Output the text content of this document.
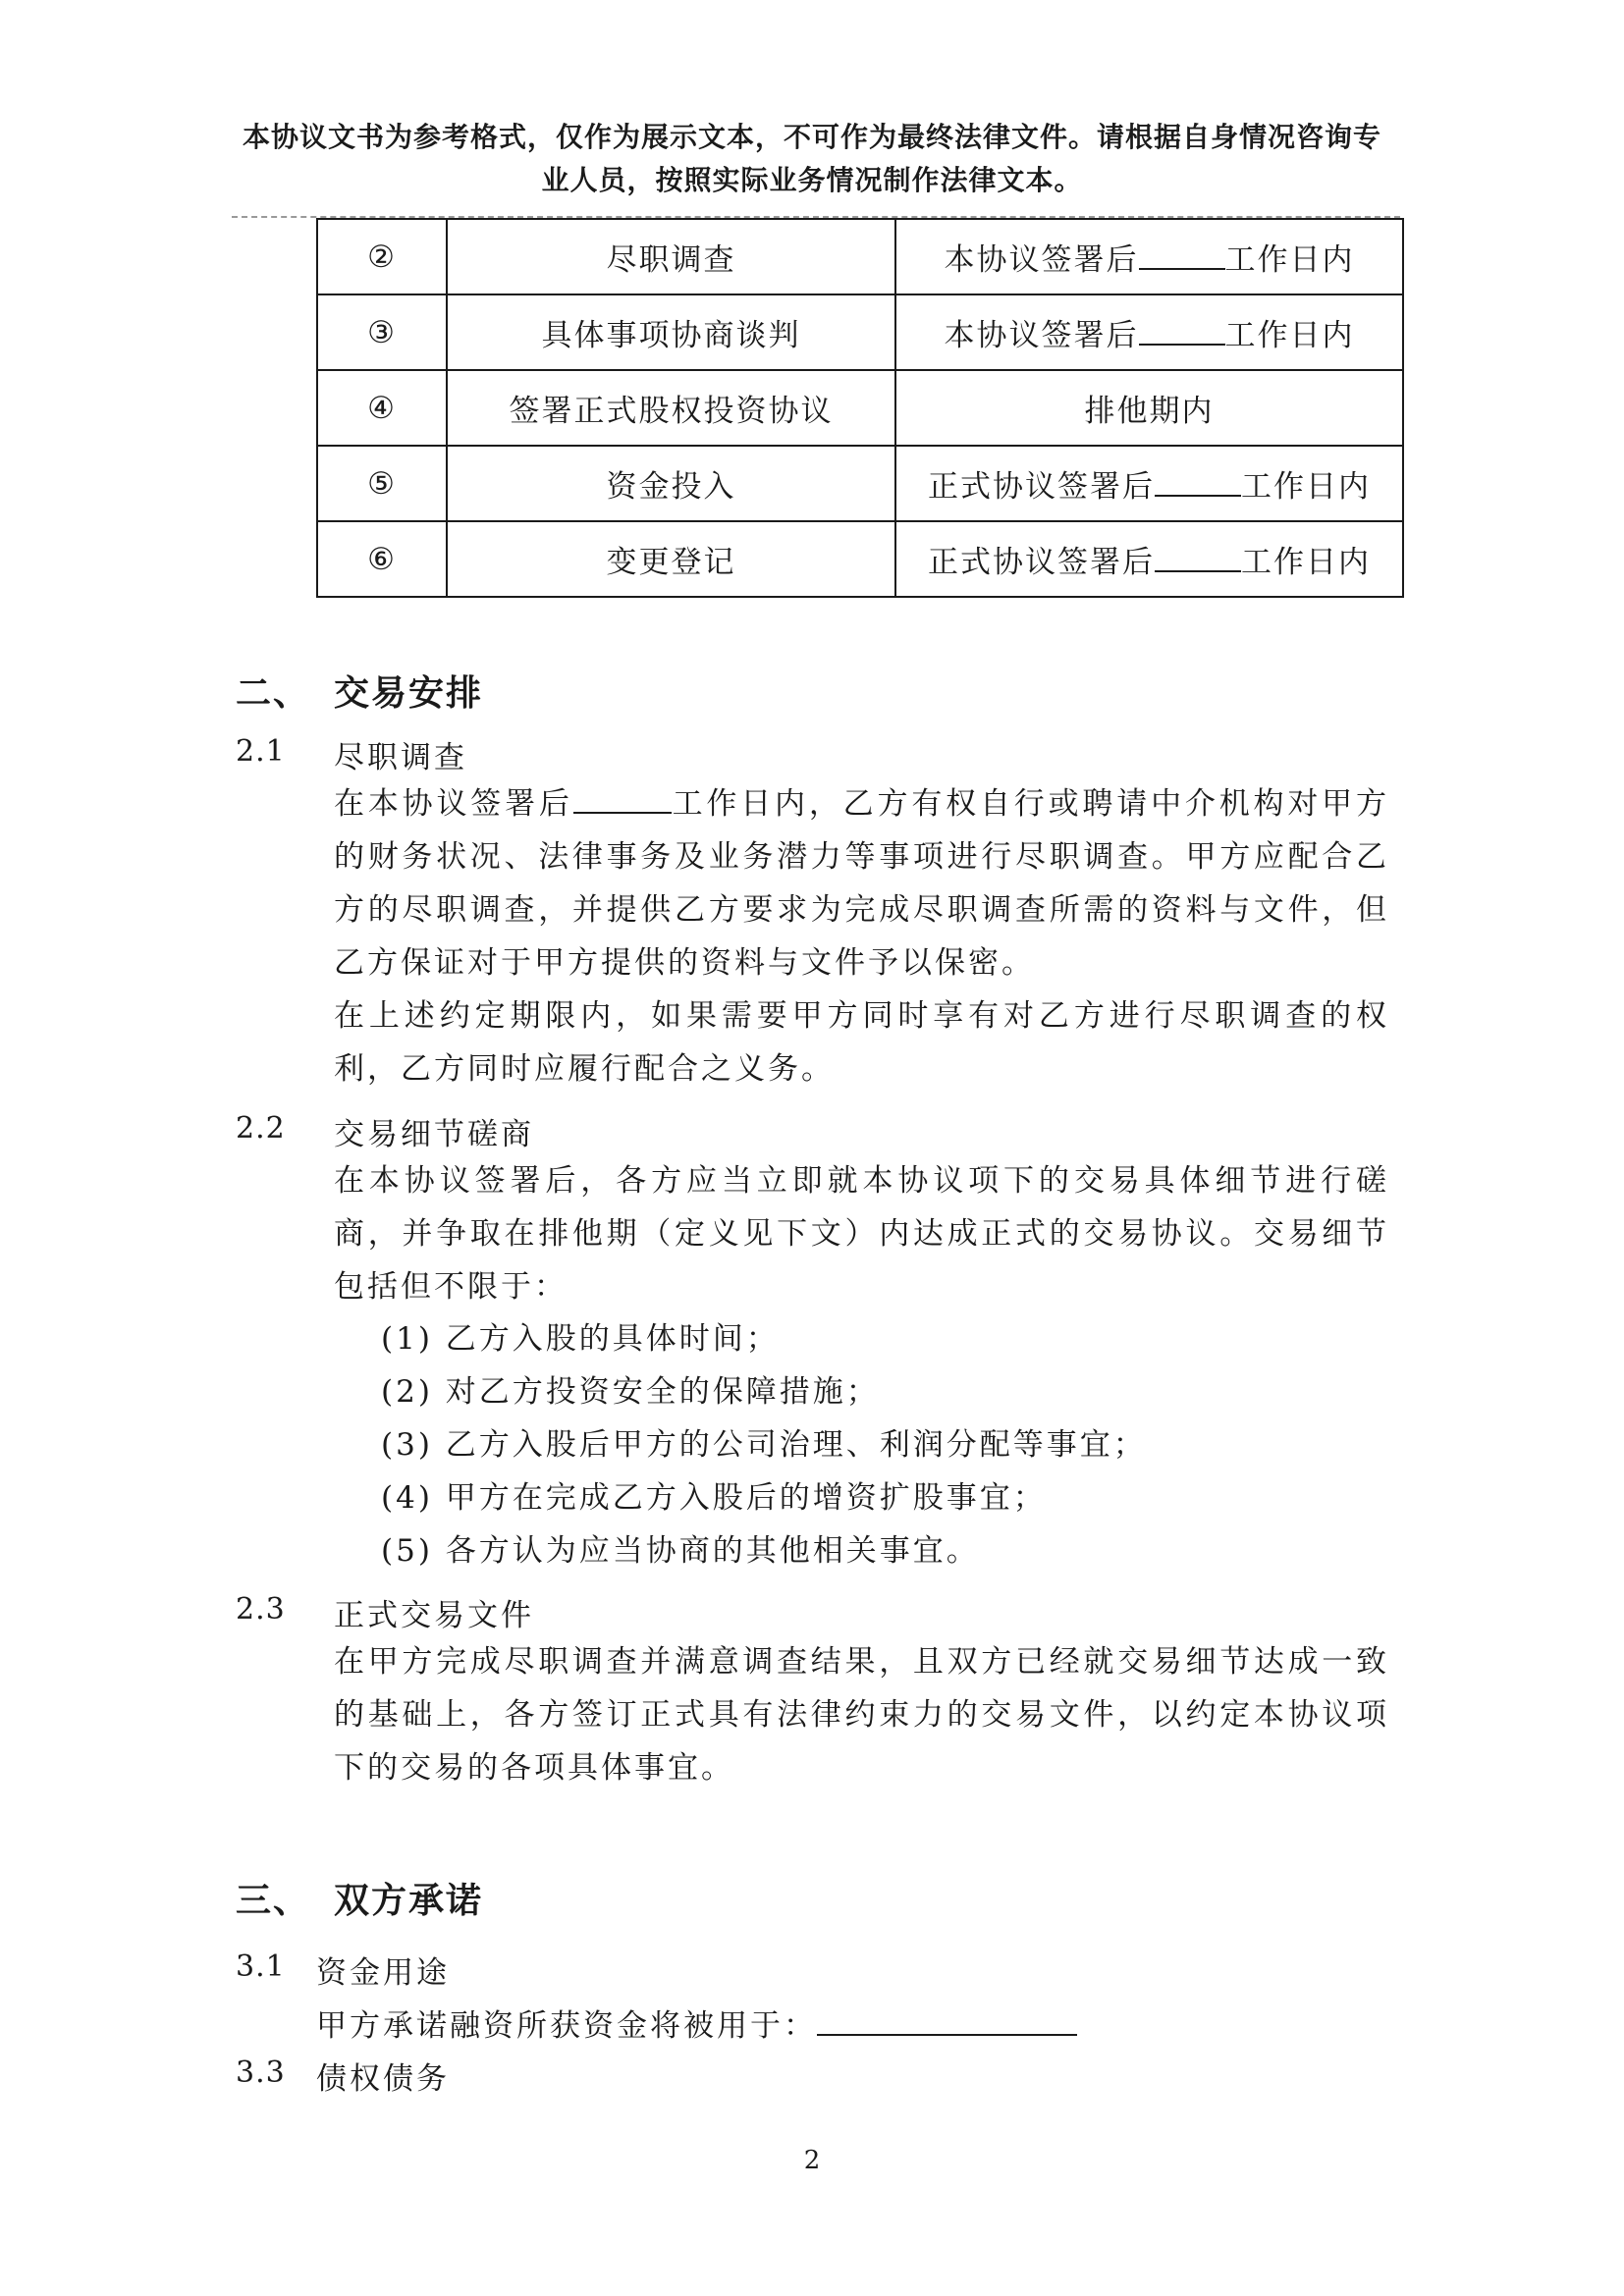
本协议文书为参考格式，仅作为展示文本，不可作为最终法律文件。请根据自身情况咨询专
业人员，按照实际业务情况制作法律文本。
②	尽职调查	本协议签署后 工作日内
③	具体事项协商谈判	本协议签署后 工作日内
④	签署正式股权投资协议	排他期内
⑤	资金投入	正式协议签署后 工作日内
⑥	变更登记	正式协议签署后 工作日内
二、 交易安排
2.1 尽职调查
在本协议签署后	工作日内，乙方有权自行或聘请中介机构对甲方的财务状况、法律事务及业务潜力等事项进行尽职调查。甲方应配合乙方的尽职调查，并提供乙方要求为完成尽职调查所需的资料与文件，但乙方保证对于甲方提供的资料与文件予以保密。
在上述约定期限内，如果需要甲方同时享有对乙方进行尽职调查的权利，乙方同时应履行配合之义务。
2.2 交易细节磋商
在本协议签署后，各方应当立即就本协议项下的交易具体细节进行磋商，并争取在排他期（定义见下文）内达成正式的交易协议。交易细节包括但不限于：
(1) 乙方入股的具体时间；
(2) 对乙方投资安全的保障措施；
(3) 乙方入股后甲方的公司治理、利润分配等事宜；
(4) 甲方在完成乙方入股后的增资扩股事宜；
(5) 各方认为应当协商的其他相关事宜。
2.3 正式交易文件
在甲方完成尽职调查并满意调查结果，且双方已经就交易细节达成一致的基础上，各方签订正式具有法律约束力的交易文件，以约定本协议项下的交易的各项具体事宜。
三、 双方承诺
3.1 资金用途
甲方承诺融资所获资金将被用于：
3.3 债权债务
2
